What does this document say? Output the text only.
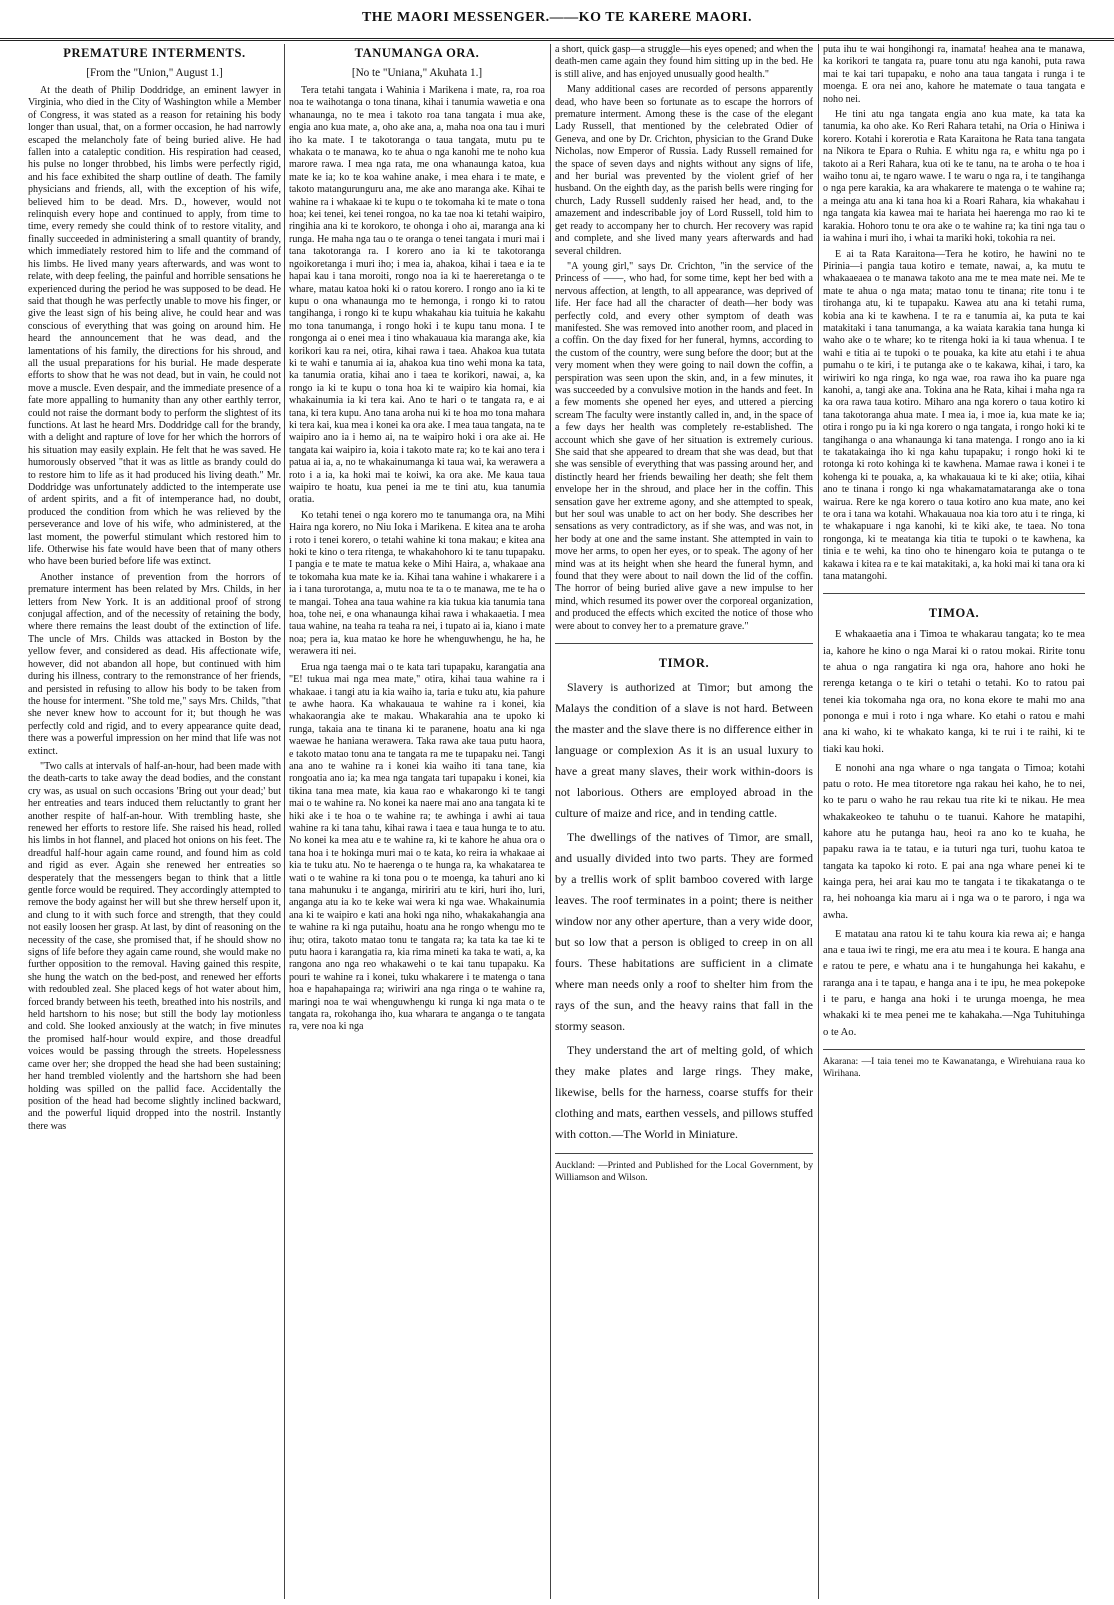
THE MAORI MESSENGER.——KO TE KARERE MAORI.
PREMATURE INTERMENTS.
[From the "Union," August 1.]

At the death of Philip Doddridge, an eminent lawyer in Virginia, who died in the City of Washington while a Member of Congress, it was stated as a reason for retaining his body longer than usual, that, on a former occasion, he had narrowly escaped the melancholy fate of being buried alive. He had fallen into a cataleptic condition. His respiration had ceased, his pulse no longer throbbed, his limbs were perfectly rigid, and his face exhibited the sharp outline of death. The family physicians and friends, all, with the exception of his wife, believed him to be dead. Mrs. D., however, would not relinquish every hope and continued to apply, from time to time, every remedy she could think of to restore vitality, and finally succeeded in administering a small quantity of brandy, which immediately restored him to life and the command of his limbs. He lived many years afterwards, and was wont to relate, with deep feeling, the painful and horrible sensations he experienced during the period he was supposed to be dead. He said that though he was perfectly unable to move his finger, or give the least sign of his being alive, he could hear and was conscious of everything that was going on around him. He heard the announcement that he was dead, and the lamentations of his family, the directions for his shroud, and all the usual preparations for his burial. He made desperate efforts to show that he was not dead, but in vain, he could not move a muscle. Even despair, and the immediate presence of a fate more appalling to humanity than any other earthly terror, could not raise the dormant body to perform the slightest of its functions. At last he heard Mrs. Doddridge call for the brandy, with a delight and rapture of love for her which the horrors of his situation may easily explain. He felt that he was saved. He humorously observed "that it was as little as brandy could do to restore him to life as it had produced his living death." Mr. Doddridge was unfortunately addicted to the intemperate use of ardent spirits, and a fit of intemperance had, no doubt, produced the condition from which he was relieved by the perseverance and love of his wife, who administered, at the last moment, the powerful stimulant which restored him to life. Otherwise his fate would have been that of many others who have been buried before life was extinct.

Another instance of prevention from the horrors of premature interment has been related by Mrs. Childs, in her letters from New York. It is an additional proof of strong conjugal affection, and of the necessity of retaining the body, where there remains the least doubt of the extinction of life. The uncle of Mrs. Childs was attacked in Boston by the yellow fever, and considered as dead. His affectionate wife, however, did not abandon all hope, but continued with him during his illness, contrary to the remonstrance of her friends, and persisted in refusing to allow his body to be taken from the house for interment. "She told me," says Mrs. Childs, "that she never knew how to account for it; but though he was perfectly cold and rigid, and to every appearance quite dead, there was a powerful impression on her mind that life was not extinct.

"Two calls at intervals of half-an-hour, had been made with the death-carts to take away the dead bodies, and the constant cry was, as usual on such occasions 'Bring out your dead;' but her entreaties and tears induced them reluctantly to grant her another respite of half-an-hour. With trembling haste, she renewed her efforts to restore life. She raised his head, rolled his limbs in hot flannel, and placed hot onions on his feet. The dreadful half-hour again came round, and found him as cold and rigid as ever. Again she renewed her entreaties so desperately that the messengers began to think that a little gentle force would be required. They accordingly attempted to remove the body against her will but she threw herself upon it, and clung to it with such force and strength, that they could not easily loosen her grasp. At last, by dint of reasoning on the necessity of the case, she promised that, if he should show no signs of life before they again came round, she would make no further opposition to the removal. Having gained this respite, she hung the watch on the bed-post, and renewed her efforts with redoubled zeal. She placed kegs of hot water about him, forced brandy between his teeth, breathed into his nostrils, and held hartshorn to his nose; but still the body lay motionless and cold. She looked anxiously at the watch; in five minutes the promised half-hour would expire, and those dreadful voices would be passing through the streets. Hopelessness came over her; she dropped the head she had been sustaining; her hand trembled violently and the hartshorn she had been holding was spilled on the pallid face. Accidentally the position of the head had become slightly inclined backward, and the powerful liquid dropped into the nostril. Instantly there was

TANUMANGA ORA.
[No te "Uniana," Akuhata 1.]

Tera tetahi tangata i Wahinia i Marikena i mate, ra, roa roa noa te waihotanga o tona tinana, kihai i tanumia wawetia e ona whanaunga, no te mea i takoto roa tana tangata i mua ake, engia ano kua mate, a, oho ake ana, a, maha noa ona tau i muri iho ka mate. I te takotoranga o taua tangata, mutu pu te whakata o te manawa, ko te ahua o nga kanohi me te noho kua marore rawa. I mea nga rata, me ona whanaunga katoa, kua mate ke ia; ko te koa wahine anake, i mea ehara i te mate, e takoto matangurunguru ana, me ake ano maranga ake. Kihai te wahine ra i whakaae ki te kupu o te tokomaha ki te mate o tona hoa; kei tenei, kei tenei rongoa, no ka tae noa ki tetahi waipiro, ringihia ana ki te korokoro, te ohonga i oho ai, maranga ana ki runga. He maha nga tau o te oranga o tenei tangata i muri mai i tana takotoranga ra. I korero ano ia ki te takotoranga ngoikoretanga i muri iho; i mea ia, ahakoa, kihai i taea e ia te hapai kau i tana moroiti, rongo noa ia ki te haereretanga o te whare, matau katoa hoki ki o ratou korero. I rongo ano ia ki te kupu o ona whanaunga mo te hemonga, i rongo ki to ratou tangihanga, i rongo ki te kupu whakahau kia tuituia he kakahu mo tona tanumanga, i rongo hoki i te kupu tanu mona. I te rongonga ai o enei mea i tino whakauaua kia maranga ake, kia korikori kau ra nei, otira, kihai rawa i taea. Ahakoa kua tutata ki te wahi e tanumia ai ia, ahakoa kua tino wehi mona ka tata, ka tanumia oratia, kihai ano i taea te korikori, nawai, a, ka rongo ia ki te kupu o tona hoa ki te waipiro kia homai, kia whakainumia ia ki tera kai. Ano te hari o te tangata ra, e ai tana, ki tera kupu. Ano tana aroha nui ki te hoa mo tona mahara ki tera kai, kua mea i konei ka ora ake. I mea taua tangata, na te waipiro ano ia i hemo ai, na te waipiro hoki i ora ake ai. He tangata kai waipiro ia, koia i takoto mate ra; ko te kai ano tera i patua ai ia, a, no te whakainumanga ki taua wai, ka werawera a roto i a ia, ka hoki mai te koiwi, ka ora ake. Me kaua taua waipiro te hoatu, kua penei ia me te tini atu, kua tanumia oratia.

Ko tetahi tenei o nga korero mo te tanumanga ora, na Mihi Haira nga korero, no Niu Ioka i Marikena. E kitea ana te aroha i roto i tenei korero, o tetahi wahine ki tona makau; e kitea ana hoki te kino o tera ritenga, te whakahohoro ki te tanu tupapaku. I pangia e te mate te matua keke o Mihi Haira, a, whakaae ana te tokomaha kua mate ke ia. Kihai tana wahine i whakarere i a ia i tana turorotanga, a, mutu noa te ta o te manawa, me te ha o te mangai. Tohea ana taua wahine ra kia tukua kia tanumia tana hoa, tohe nei, e ona whanaunga kihai rawa i whakaaetia. I mea taua wahine, na teaha ra teaha ra nei, i tupato ai ia, kiano i mate noa; pera ia, kua matao ke hore he whenguwhengu, he ha, he werawera iti nei.

Erua nga taenga mai o te kata tari tupapaku, karangatia ana "E! tukua mai nga mea mate," otira, kihai taua wahine ra i whakaae. i tangi atu ia kia waiho ia, taria e tuku atu, kia pahure te awhe haora. Ka whakauaua te wahine ra i konei, kia whakaorangia ake te makau. Whakarahia ana te upoko ki runga, takaia ana te tinana ki te paranene, hoatu ana ki nga waewae he haniana werawera. Taka rawa ake taua putu haora, e takoto matao tonu ana te tangata ra me te tupapaku nei. Tangi ana ano te wahine ra i konei kia waiho iti tana tane, kia rongoatia ano ia; ka mea nga tangata tari tupapaku i konei, kia tikina tana mea mate, kia kaua rao e whakarongo ki te tangi mai o te wahine ra. No konei ka naere mai ano ana tangata ki te hiki ake i te hoa o te wahine ra; te awhinga i awhi ai taua wahine ra ki tana tahu, kihai rawa i taea e taua hunga te to atu. No konei ka mea atu e te wahine ra, ki te kahore he ahua ora o tana hoa i te hokinga muri mai o te kata, ko reira ia whakaae ai kia te tuku atu. No te haerenga o te hunga ra, ka whakatarea te wati o te wahine ra ki tona pou o te moenga, ka tahuri ano ki tana mahunuku i te anganga, miririri atu te kiri, huri iho, luri, anganga atu ia ko te keke wai wera ki nga wae. Whakainumia ana ki te waipiro e kati ana hoki nga niho, whakakahangia ana te wahine ra ki nga putaihu, hoatu ana he rongo whengu mo te ihu; otira, takoto matao tonu te tangata ra; ka tata ka tae ki te putu haora i karangatia ra, kia rima mineti ka taka te wati, a, ka rangona ano nga reo whakawehi o te kai tanu tupapaku. Ka pouri te wahine ra i konei, tuku whakarere i te matenga o tana hoa e hapahapainga ra; wiriwiri ana nga ringa o te wahine ra, maringi noa te wai whenguwhengu ki runga ki nga mata o te tangata ra, rokohanga iho, kua wharara te anganga o te tangata ra, vere noa ki nga

a short, quick gasp—a struggle—his eyes opened; and when the death-men came again they found him sitting up in the bed. He is still alive, and has enjoyed unusually good health."

Many additional cases are recorded of persons apparently dead, who have been so fortunate as to escape the horrors of premature interment. Among these is the case of the elegant Lady Russell, that mentioned by the celebrated Odier of Geneva, and one by Dr. Crichton, physician to the Grand Duke Nicholas, now Emperor of Russia. Lady Russell remained for the space of seven days and nights without any signs of life, and her burial was prevented by the violent grief of her husband. On the eighth day, as the parish bells were ringing for church, Lady Russell suddenly raised her head, and, to the amazement and indescribable joy of Lord Russell, told him to get ready to accompany her to church. Her recovery was rapid and complete, and she lived many years afterwards and had several children.

"A young girl," says Dr. Crichton, "in the service of the Princess of ——, who had, for some time, kept her bed with a nervous affection, at length, to all appearance, was deprived of life. Her face had all the character of death—her body was perfectly cold, and every other symptom of death was manifested. She was removed into another room, and placed in a coffin. On the day fixed for her funeral, hymns, according to the custom of the country, were sung before the door; but at the very moment when they were going to nail down the coffin, a perspiration was seen upon the skin, and, in a few minutes, it was succeeded by a convulsive motion in the hands and feet. In a few moments she opened her eyes, and uttered a piercing scream The faculty were instantly called in, and, in the space of a few days her health was completely re-established. The account which she gave of her situation is extremely curious. She said that she appeared to dream that she was dead, but that she was sensible of everything that was passing around her, and distinctly heard her friends bewailing her death; she felt them envelope her in the shroud, and place her in the coffin. This sensation gave her extreme agony, and she attempted to speak, but her soul was unable to act on her body. She describes her sensations as very contradictory, as if she was, and was not, in her body at one and the same instant. She attempted in vain to move her arms, to open her eyes, or to speak. The agony of her mind was at its height when she heard the funeral hymn, and found that they were about to nail down the lid of the coffin. The horror of being buried alive gave a new impulse to her mind, which resumed its power over the corporeal organization, and produced the effects which excited the notice of those who were about to convey her to a premature grave."

TIMOR.

Slavery is authorized at Timor; but among the Malays the condition of a slave is not hard. Between the master and the slave there is no difference either in language or complexion As it is an usual luxury to have a great many slaves, their work within-doors is not laborious. Others are employed abroad in the culture of maize and rice, and in tending cattle.

The dwellings of the natives of Timor, are small, and usually divided into two parts. They are formed by a trellis work of split bamboo covered with large leaves. The roof terminates in a point; there is neither window nor any other aperture, than a very wide door, but so low that a person is obliged to creep in on all fours. These habitations are sufficient in a climate where man needs only a roof to shelter him from the rays of the sun, and the heavy rains that fall in the stormy season.

They understand the art of melting gold, of which they make plates and large rings. They make, likewise, bells for the harness, coarse stuffs for their clothing and mats, earthen vessels, and pillows stuffed with cotton.—The World in Miniature.

Auckland: —Printed and Published for the Local Government, by Williamson and Wilson.

puta ihu te wai hongihongi ra, inamata! heahea ana te manawa, ka korikori te tangata ra, puare tonu atu nga kanohi, puta rawa mai te kai tari tupapaku, e noho ana taua tangata i runga i te moenga. E ora nei ano, kahore he matemate o taua tangata e noho nei.

He tini atu nga tangata engia ano kua mate, ka tata ka tanumia, ka oho ake. Ko Reri Rahara tetahi, na Oria o Hiniwa i korero. Kotahi i korerotia e Rata Karaitona he Rata tana tangata na Nikora te Epara o Ruhia. E whitu nga ra, e whitu nga po i takoto ai a Reri Rahara, kua oti ke te tanu, na te aroha o te hoa i waiho tonu ai, te ngaro wawe. I te waru o nga ra, i te tangihanga o nga pere karakia, ka ara whakarere te matenga o te wahine ra; a meinga atu ana ki tana hoa ki a Roari Rahara, kia whakahau i nga tangata kia kawea mai te hariata hei haerenga mo rao ki te karakia. Hohoro tonu te ora ake o te wahine ra; ka tini nga tau o ia wahina i muri iho, i whai ta mariki hoki, tokohia ra nei.

E ai ta Rata Karaitona—Tera he kotiro, he hawini no te Pirinia—i pangia taua kotiro e temate, nawai, a, ka mutu te whakaaeaea o te manawa takoto ana me te mea mate nei. Me te mate te ahua o nga mata; matao tonu te tinana; rite tonu i te tirohanga atu, ki te tupapaku. Kawea atu ana ki tetahi ruma, kobia ana ki te kawhena. I te ra e tanumia ai, ka puta te kai matakitaki i tana tanumanga, a ka waiata karakia tana hunga ki waho ake o te whare; ko te ritenga hoki ia ki taua whenua. I te wahi e titia ai te tupoki o te pouaka, ka kite atu etahi i te ahua pumahu o te kiri, i te putanga ake o te kakawa, kihai, i taro, ka wiriwiri ko nga ringa, ko nga wae, roa rawa iho ka puare nga kanohi, a, tangi ake ana. Tokina ana he Rata, kihai i maha nga ra ka ora rawa taua kotiro. Miharo ana nga korero o taua kotiro ki tana takotoranga ahua mate. I mea ia, i moe ia, kua mate ke ia; otira i rongo pu ia ki nga korero o nga tangata, i rongo hoki ki te tangihanga o ana whanaunga ki tana matenga. I rongo ano ia ki te takatakainga iho ki nga kahu tupapaku; i rongo hoki ki te rotonga ki roto kohinga ki te kawhena. Mamae rawa i konei i te kohenga ki te pouaka, a, ka whakauaua ki te ki ake; otiia, kihai ano te tinana i rongo ki nga whakamatamataranga ake o tona wairua. Rere ke nga korero o taua kotiro ano kua mate, ano kei te ora i tana wa kotahi. Whakauaua noa kia toro atu i te ringa, ki te whakapuare i nga kanohi, ki te kiki ake, te taea. No tona rongonga, ki te meatanga kia titia te tupoki o te kawhena, ka tinia e te wehi, ka tino oho te hinengaro koia te putanga o te kakawa i kitea ra e te kai matakitaki, a, ka hoki mai ki tana ora ki tana matangohi.

TIMOA.

E whakaaetia ana i Timoa te whakarau tangata; ko te mea ia, kahore he kino o nga Marai ki o ratou mokai. Ririte tonu te ahua o nga rangatira ki nga ora, hahore ano hoki he rerenga ketanga o te kiri o tetahi o tetahi. Ko to ratou pai tenei kia tokomaha nga ora, no kona ekore te mahi mo ana pononga e mui i roto i nga whare. Ko etahi o ratou e mahi ana ki waho, ki te whakato kanga, ki te rui i te raihi, ki te tiaki kau hoki.

E nonohi ana nga whare o nga tangata o Timoa; kotahi patu o roto. He mea titoretore nga rakau hei kaho, he to nei, ko te paru o waho he rau rekau tua rite ki te nikau. He mea whakakeokeo te tahuhu o te tuanui. Kahore he matapihi, kahore atu he putanga hau, heoi ra ano ko te kuaha, he papaku rawa ia te tatau, e ia tuturi nga turi, tuohu katoa te tangata ka tapoko ki roto. E pai ana nga whare penei ki te kainga pera, hei arai kau mo te tangata i te tikakatanga o te ra, hei nohoanga kia maru ai i nga wa o te paroro, i nga wa awha.

E matatau ana ratou ki te tahu koura kia rewa ai; e hanga ana e taua iwi te ringi, me era atu mea i te koura. E hanga ana e ratou te pere, e whatu ana i te hungahunga hei kakahu, e raranga ana i te tapau, e hanga ana i te ipu, he mea pokepoke i te paru, e hanga ana hoki i te urunga moenga, he mea whakaki ki te mea penei me te kahakaha.—Nga Tuhituhinga o te Ao.

Akarana: —I taia tenei mo te Kawanatanga, e Wirehuiana raua ko Wirihana.
